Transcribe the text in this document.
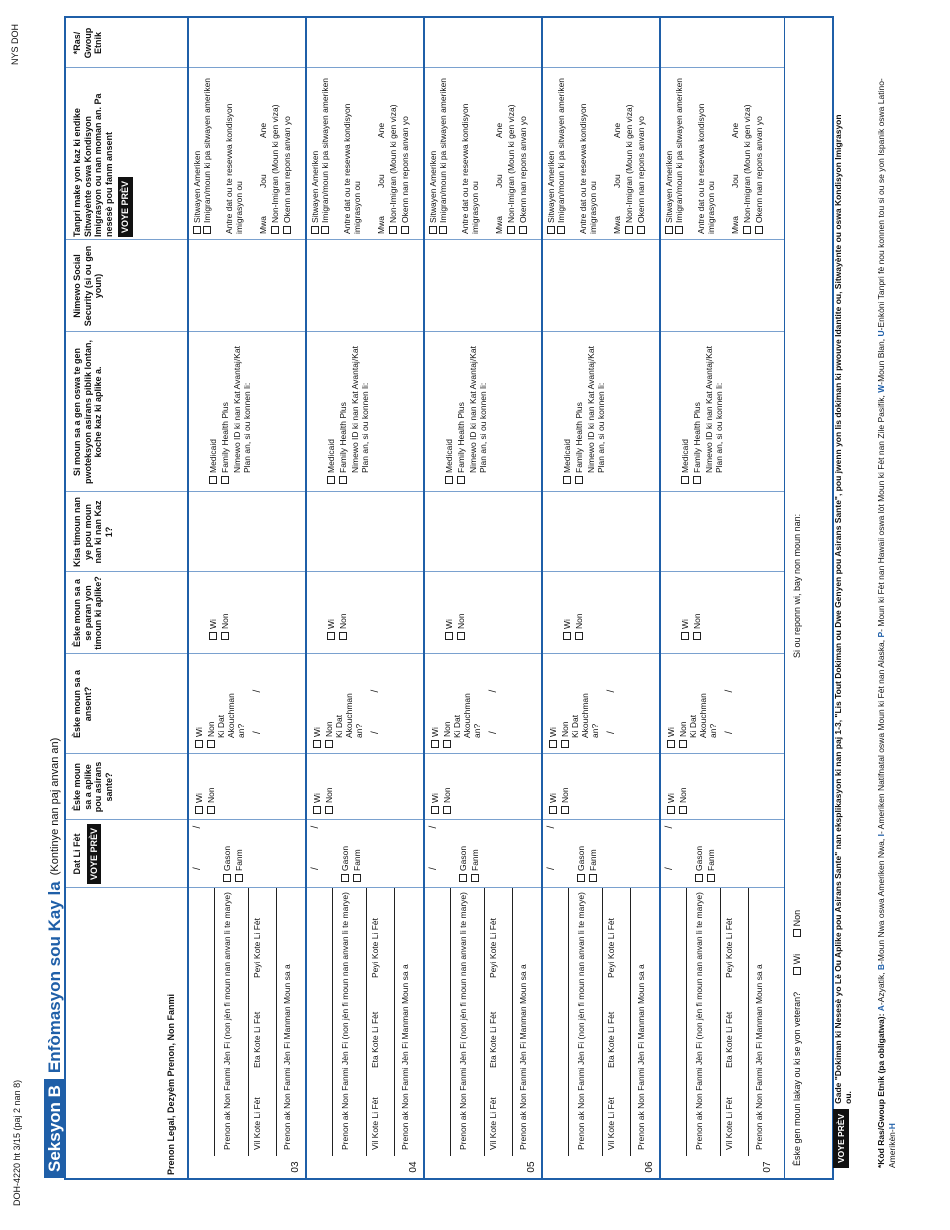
DOH-4220 ht 3/15 (paj 2 nan 8)
NYS DOH
Seksyon BEnfòmasyon sou Kay la(Kontinye nan paj anvan an)
Prenon Legal, Dezyèm Prenon, Non Fanmi
Dat Li Fèt VOYE PRÈV
Èske moun sa a aplike pou asirans sante?
Èske moun sa a ansent?
Èske moun sa a se paran yon timoun ki aplike?
Kisa timoun nan ye pou moun nan ki nan Kaz 1?
Si moun sa a gen oswa te gen pwoteksyon asirans piblik lontan, koche kaz ki aplike a.
Nimewo Social Security (si ou gen youn)
Tanpri make yon kaz ki endike Sitwayènte oswa Kondisyon Imigrasyon ou nan moman an. Pa nesesè pou fanm ansent VOYE PRÈV
*Ras/ Gwoup Etnik
03
Prenon ak Non Fanmi Jèn Fi (non jèn fi moun nan anvan li te marye) Vil Kote Li Fèt
Eta Kote Li Fèt
Peyi Kote Li Fèt
Prenon ak Non Fanmi Jèn Fi Manman Moun sa a
/ / Gason Fanm
Wi Non
Wi Non Ki Dat Akouchman an? / /
Wi Non
Medicaid Family Health Plus Nimewo ID ki nan Kat Avantaj/Kat Plan an, si ou konnen li:
Sitwayen Ameriken Imigran/moun ki pa sitwayen ameriken Antre dat ou te resevwa kondisyon imigrasyon ou Mwa
Jou
Ane Non-Imigran (Moun ki gen viza) Okenn nan repons anvan yo
04
Prenon ak Non Fanmi Jèn Fi (non jèn fi moun nan anvan li te marye) Vil Kote Li Fèt
Eta Kote Li Fèt
Peyi Kote Li Fèt
Prenon ak Non Fanmi Jèn Fi Manman Moun sa a
/ / Gason Fanm
Wi Non
Wi Non Ki Dat Akouchman an? / /
Wi Non
Medicaid Family Health Plus Nimewo ID ki nan Kat Avantaj/Kat Plan an, si ou konnen li:
Sitwayen Ameriken Imigran/moun ki pa sitwayen ameriken Antre dat ou te resevwa kondisyon imigrasyon ou Mwa
Jou
Ane Non-Imigran (Moun ki gen viza) Okenn nan repons anvan yo
05
Prenon ak Non Fanmi Jèn Fi (non jèn fi moun nan anvan li te marye) Vil Kote Li Fèt
Eta Kote Li Fèt
Peyi Kote Li Fèt
Prenon ak Non Fanmi Jèn Fi Manman Moun sa a
/ / Gason Fanm
Wi Non
Wi Non Ki Dat Akouchman an? / /
Wi Non
Medicaid Family Health Plus Nimewo ID ki nan Kat Avantaj/Kat Plan an, si ou konnen li:
Sitwayen Ameriken Imigran/moun ki pa sitwayen ameriken Antre dat ou te resevwa kondisyon imigrasyon ou Mwa
Jou
Ane Non-Imigran (Moun ki gen viza) Okenn nan repons anvan yo
06
Prenon ak Non Fanmi Jèn Fi (non jèn fi moun nan anvan li te marye) Vil Kote Li Fèt
Eta Kote Li Fèt
Peyi Kote Li Fèt
Prenon ak Non Fanmi Jèn Fi Manman Moun sa a
/ / Gason Fanm
Wi Non
Wi Non Ki Dat Akouchman an? / /
Wi Non
Medicaid Family Health Plus Nimewo ID ki nan Kat Avantaj/Kat Plan an, si ou konnen li:
Sitwayen Ameriken Imigran/moun ki pa sitwayen ameriken Antre dat ou te resevwa kondisyon imigrasyon ou Mwa
Jou
Ane Non-Imigran (Moun ki gen viza) Okenn nan repons anvan yo
07
Prenon ak Non Fanmi Jèn Fi (non jèn fi moun nan anvan li te marye) Vil Kote Li Fèt
Eta Kote Li Fèt
Peyi Kote Li Fèt
Prenon ak Non Fanmi Jèn Fi Manman Moun sa a
/ / Gason Fanm
Wi Non
Wi Non Ki Dat Akouchman an? / /
Wi Non
Medicaid Family Health Plus Nimewo ID ki nan Kat Avantaj/Kat Plan an, si ou konnen li:
Sitwayen Ameriken Imigran/moun ki pa sitwayen ameriken Antre dat ou te resevwa kondisyon imigrasyon ou Mwa
Jou
Ane Non-Imigran (Moun ki gen viza) Okenn nan repons anvan yo
Èske gen moun lakay ou ki se yon veteran? Wi Non
Si ou reponn wi, bay non moun nan:
VOYE PRÈVGade "Dokiman ki Nesesè yo Lè Ou Aplike pou Asirans Sante" nan eksplikasyon ki nan paj 1-3, "Lis Tout Dokiman ou Dwe Genyen pou Asirans Sante", pou jwenn yon lis dokiman ki pwouve Idantite ou, Sitwayènte ou oswa Kondisyon Imigrasyon ou.	*Kòd Ras/Gwoup Etnik (pa obligatwa): A-Azyatik, B-Moun Nwa oswa Ameriken Nwa, I- Ameriken Natifnatal oswa Moun ki Fèt nan Alaska, P- Moun ki Fèt nan Hawaii oswa lòt Moun ki Fèt nan Zile Pasifik, W-Moun Blan, U-Enkòni Tanpri fè nou konnen tou si ou se yon Ispanik oswa Latino-Amerikèn-H
